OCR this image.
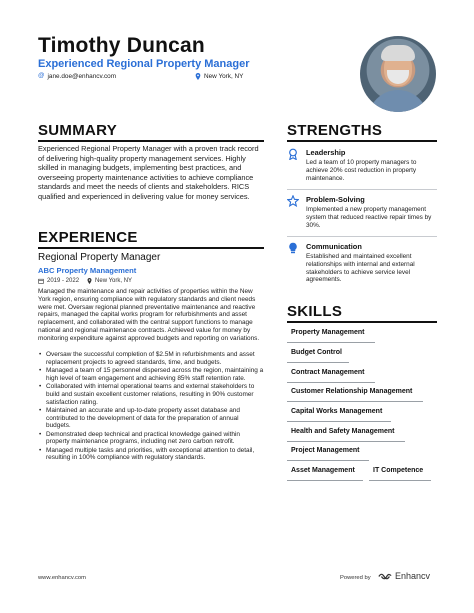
Timothy Duncan
Experienced Regional Property Manager
@ jane.doe@enhancv.com	New York, NY
SUMMARY
Experienced Regional Property Manager with a proven track record of delivering high-quality property management services. Highly skilled in managing budgets, implementing best practices, and overseeing property maintenance activities to achieve compliance standards and meet the needs of clients and stakeholders. RICS qualified and experienced in delivering value for money services.
EXPERIENCE
Regional Property Manager
ABC Property Management
2019 - 2022	New York, NY
Managed the maintenance and repair activities of properties within the New York region, ensuring compliance with regulatory standards and client needs were met. Oversaw regional planned preventative maintenance and reactive repairs, managed the capital works program for refurbishments and asset replacement, and collaborated with the central support functions to manage national and regional maintenance contracts. Achieved value for money by monitoring expenditure against approved budgets and reporting on variations.
• Oversaw the successful completion of $2.5M in refurbishments and asset replacement projects to agreed standards, time, and budgets.
• Managed a team of 15 personnel dispersed across the region, maintaining a high level of team engagement and achieving 85% staff retention rate.
• Collaborated with internal operational teams and external stakeholders to build and sustain excellent customer relations, resulting in 90% customer satisfaction rating.
• Maintained an accurate and up-to-date property asset database and contributed to the development of data for the preparation of annual budgets.
• Demonstrated deep technical and practical knowledge gained within property maintenance programs, including net zero carbon retrofit.
• Managed multiple tasks and priorities, with exceptional attention to detail, resulting in 100% compliance with regulatory standards.
STRENGTHS
Leadership
Led a team of 10 property managers to achieve 20% cost reduction in property maintenance.
Problem-Solving
Implemented a new property management system that reduced reactive repair times by 30%.
Communication
Established and maintained excellent relationships with internal and external stakeholders to achieve service level agreements.
SKILLS
Property Management
Budget Control
Contract Management
Customer Relationship Management
Capital Works Management
Health and Safety Management
Project Management
Asset Management	IT Competence
www.enhancv.com	Powered by	Enhancv
